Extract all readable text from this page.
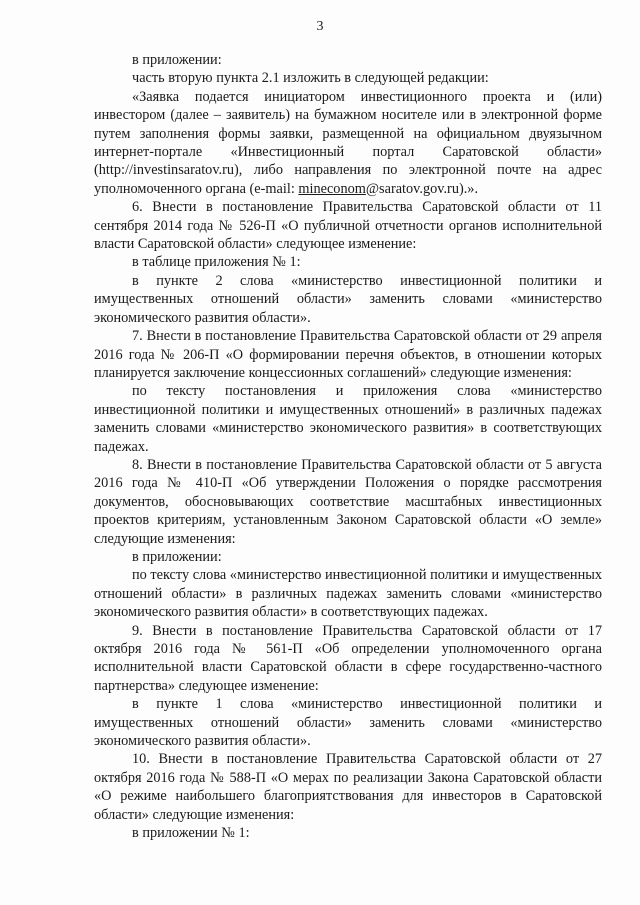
3

в приложении:

часть вторую пункта 2.1 изложить в следующей редакции:

«Заявка подается инициатором инвестиционного проекта и (или) инвестором (далее – заявитель) на бумажном носителе или в электронной форме путем заполнения формы заявки, размещенной на официальном двуязычном интернет-портале «Инвестиционный портал Саратовской области» (http://investinsaratov.ru), либо направления по электронной почте на адрес уполномоченного органа (e-mail: mineconom@saratov.gov.ru).».

6. Внести в постановление Правительства Саратовской области от 11 сентября 2014 года № 526-П «О публичной отчетности органов исполнительной власти Саратовской области» следующее изменение:

в таблице приложения № 1:

в пункте 2 слова «министерство инвестиционной политики и имущественных отношений области» заменить словами «министерство экономического развития области».

7. Внести в постановление Правительства Саратовской области от 29 апреля 2016 года № 206-П «О формировании перечня объектов, в отношении которых планируется заключение концессионных соглашений» следующие изменения:

по тексту постановления и приложения слова «министерство инвестиционной политики и имущественных отношений» в различных падежах заменить словами «министерство экономического развития» в соответствующих падежах.

8. Внести в постановление Правительства Саратовской области от 5 августа 2016 года № 410-П «Об утверждении Положения о порядке рассмотрения документов, обосновывающих соответствие масштабных инвестиционных проектов критериям, установленным Законом Саратовской области «О земле» следующие изменения:

в приложении:

по тексту слова «министерство инвестиционной политики и имущественных отношений области» в различных падежах заменить словами «министерство экономического развития области» в соответствующих падежах.

9. Внести в постановление Правительства Саратовской области от 17 октября 2016 года № 561-П «Об определении уполномоченного органа исполнительной власти Саратовской области в сфере государственно-частного партнерства» следующее изменение:

в пункте 1 слова «министерство инвестиционной политики и имущественных отношений области» заменить словами «министерство экономического развития области».

10. Внести в постановление Правительства Саратовской области от 27 октября 2016 года № 588-П «О мерах по реализации Закона Саратовской области «О режиме наибольшего благоприятствования для инвесторов в Саратовской области» следующие изменения:

в приложении № 1:
